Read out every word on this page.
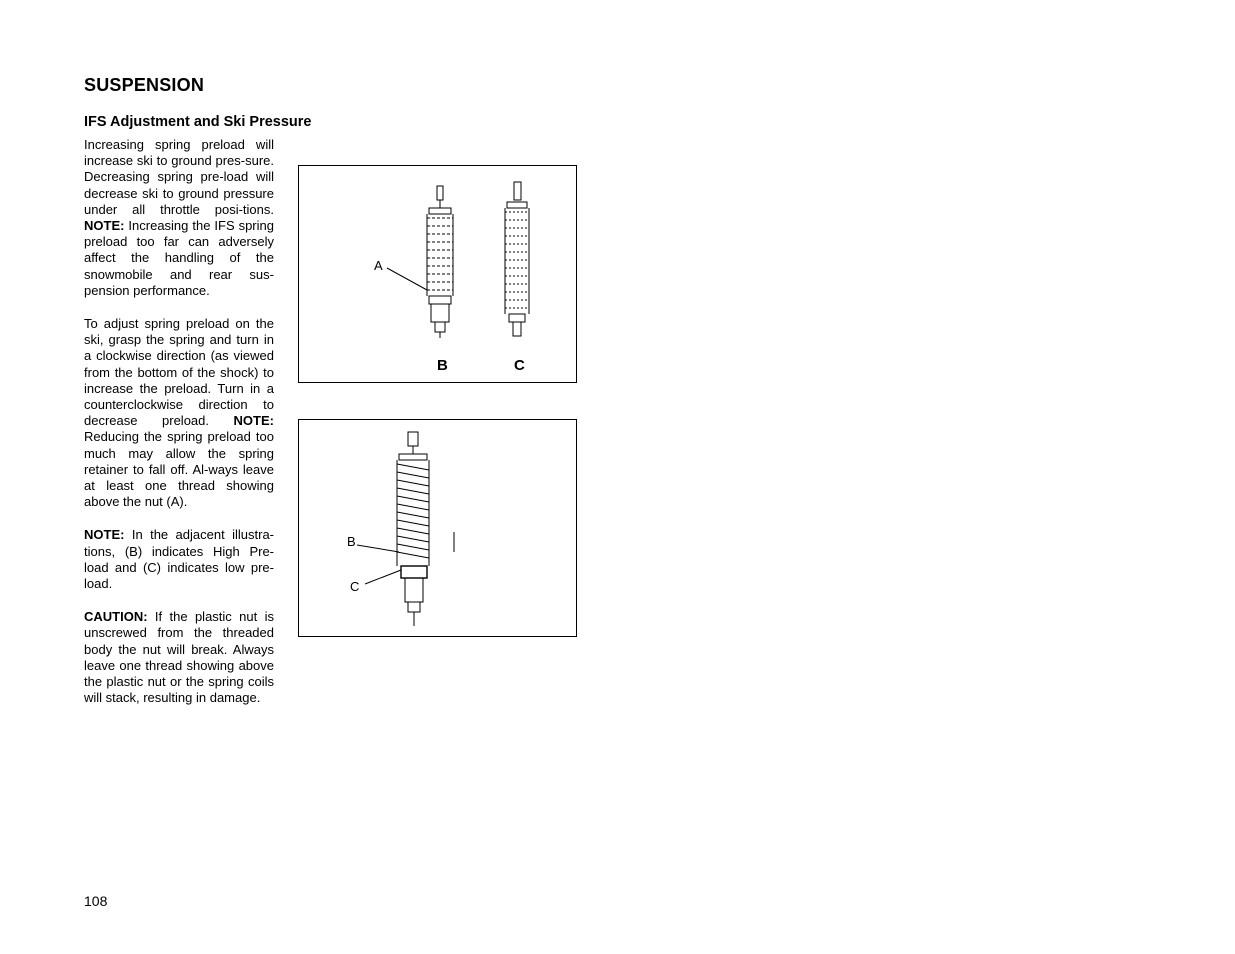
SUSPENSION
IFS Adjustment and Ski Pressure

Increasing spring preload will increase ski to ground pres-sure. Decreasing spring pre-load will decrease ski to ground pressure under all throttle posi-tions. NOTE: Increasing the IFS spring preload too far can adversely affect the handling of the snowmobile and rear sus-pension performance.

To adjust spring preload on the ski, grasp the spring and turn in a clockwise direction (as viewed from the bottom of the shock) to increase the preload. Turn in a counterclockwise direction to decrease preload. NOTE: Reducing the spring preload too much may allow the spring retainer to fall off. Al-ways leave at least one thread showing above the nut (A).

NOTE: In the adjacent illustra-tions, (B) indicates High Pre-load and (C) indicates low pre-load.

CAUTION: If the plastic nut is unscrewed from the threaded body the nut will break. Always leave one thread showing above the plastic nut or the spring coils will stack, resulting in damage.

A
B	C
B
C
108
